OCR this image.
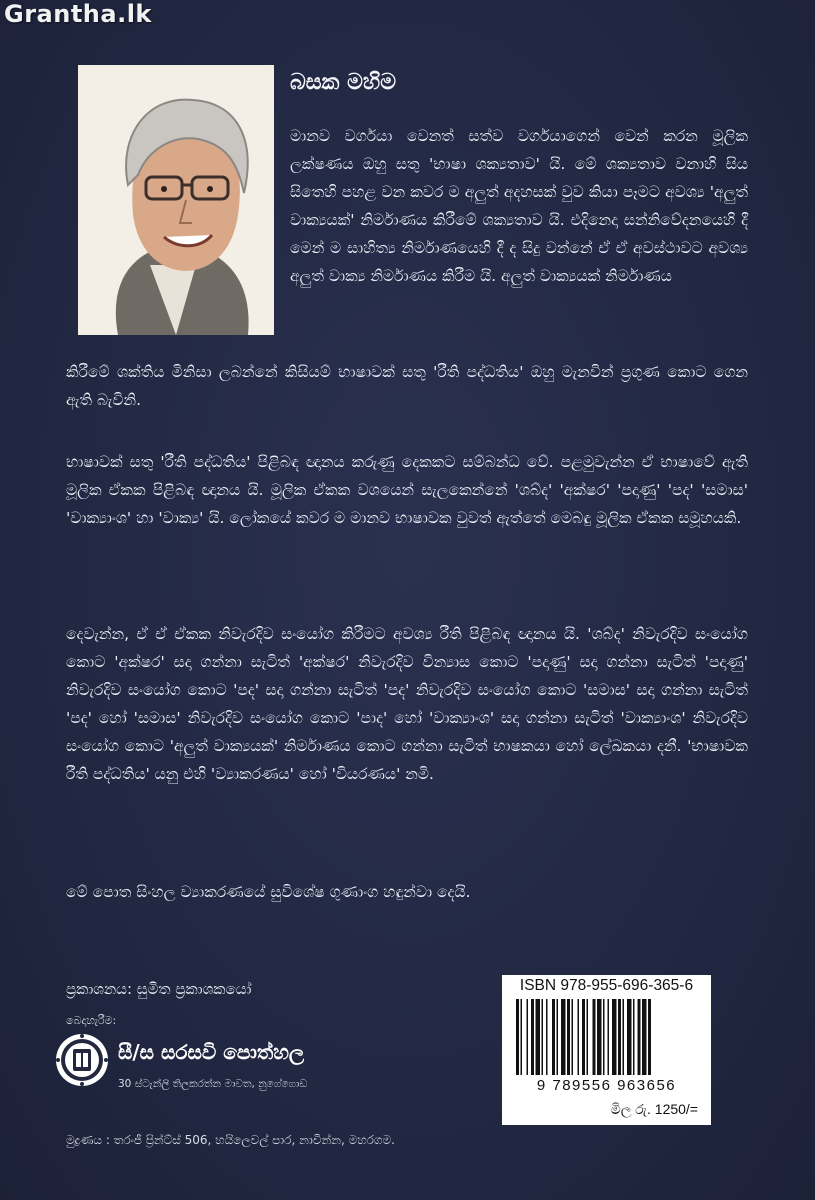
Grantha.lk
බසක මහිම

මානව වර්ගයා වෙනත් සත්ව වර්ගයාගෙන් වෙන් කරන මූලික ලක්ෂණය ඔහු සතු 'භාෂා ශක්‍යතාව' යි. මේ ශක්‍යතාව වනාහි සිය සිතෙහි පහළ වන කවර ම අලුත් අදහසක් වුව කියා පෑමට අවශ්‍ය 'අලුත් වාක්‍යයක්' නිර්මාණය කිරීමේ ශක්‍යතාව යි. එදිනෙදා සන්නිවේදනයෙහි දී මෙන් ම සාහිත්‍ය නිර්මාණයෙහි දී ද සිදු වන්නේ ඒ ඒ අවස්ථාවට අවශ්‍ය අලුත් වාක්‍ය නිර්මාණය කිරීම යි. අලුත් වාක්‍යයක් නිර්මාණය

කිරීමේ ශක්තිය මිනිසා ලබන්නේ කිසියම් භාෂාවක් සතු 'රීති පද්ධතිය' ඔහු මැනවින් ප්‍රගුණ කොට ගෙන ඇති බැවිනි.

භාෂාවක් සතු 'රීති පද්ධතිය' පිළිබඳ ඥානය කරුණු දෙකකට සම්බන්ධ වේ. පළමුවැන්න ඒ භාෂාවේ ඇති මූලික ඒකක පිළිබඳ ඥානය යි. මූලික ඒකක වශයෙන් සැලකෙන්නේ 'ශබ්ද' 'අක්ෂර' 'පදාණු' 'පද' 'සමාස' 'වාක්‍යාංශ' හා 'වාක්‍ය' යි. ලෝකයේ කවර ම මානව භාෂාවක වුවත් ඇත්තේ මෙබඳු මූලික ඒකක සමූහයකි.

දෙවැන්න, ඒ ඒ ඒකක නිවැරදිව සංයෝග කිරීමට අවශ්‍ය රීති පිළිබඳ ඥානය යි. 'ශබ්ද' නිවැරදිව සංයෝග කොට 'අක්ෂර' සදා ගන්නා සැටිත් 'අක්ෂර' නිවැරදිව වින්‍යාස කොට 'පදාණු' සදා ගන්නා සැටිත් 'පදාණු' නිවැරදිව සංයෝග කොට 'පද' සදා ගන්නා සැටිත් 'පද' නිවැරදිව සංයෝග කොට 'සමාස' සදා ගන්නා සැටිත් 'පද' හෝ 'සමාස' නිවැරදිව සංයෝග කොට 'පාද' හෝ 'වාක්‍යාංශ' සදා ගන්නා සැටිත් 'වාක්‍යාංශ' නිවැරදිව සංයෝග කොට 'අලුත් වාක්‍යයක්' නිර්මාණය කොට ගන්නා සැටිත් භාෂකයා හෝ ලේඛකයා දනී. 'භාෂාවක රීති පද්ධතිය' යනු එහි 'ව්‍යාකරණය' හෝ 'වියරණය' නමි.

මේ පොත සිංහල ව්‍යාකරණයේ සුවිශේෂ ගුණාංග හඳුන්වා දෙයි.

ප්‍රකාශනය: සුමිත ප්‍රකාශකයෝ
බෙදාහැරීම:
සී/ස සරසවි පොත්හල
30 ස්ටැන්ලි තිලකරත්න මාවත, නුගේගොඩ
මුද්‍රණය : තරංජී ප්‍රින්ට්ස් 506, හයිලෙවල් පාර, නාවින්න, මහරගම.
ISBN 978-955-696-365-6
9 789556 963656
මිල රු. 1250/=
